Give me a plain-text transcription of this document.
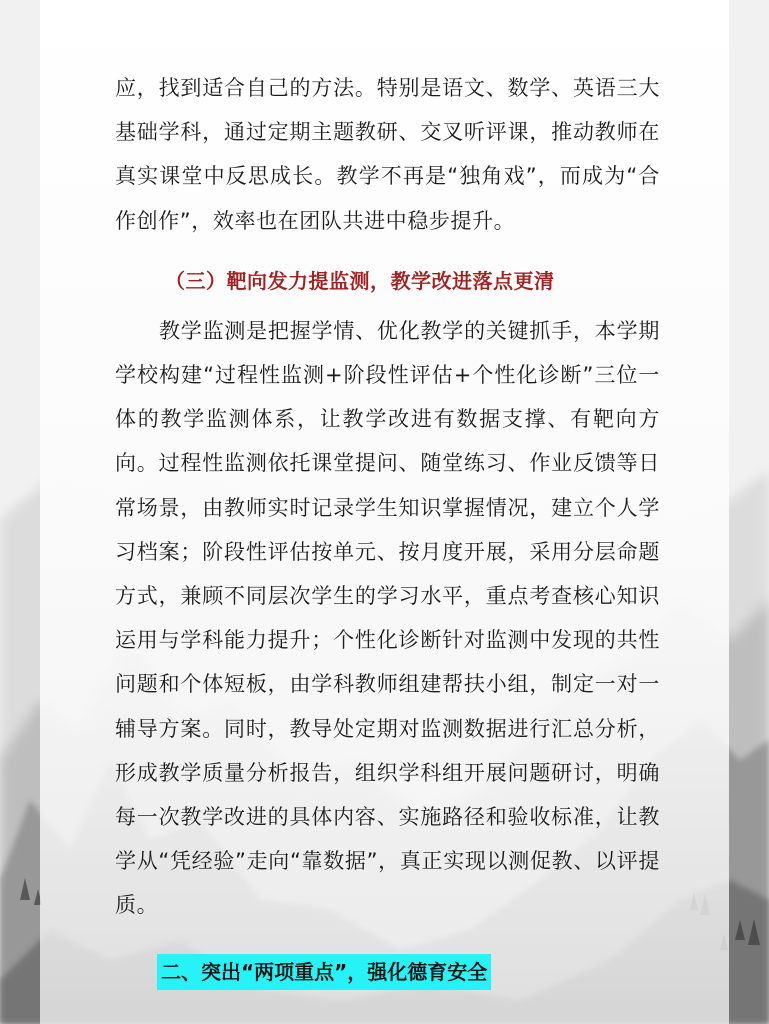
应，找到适合自己的方法。特别是语文、数学、英语三大基础学科，通过定期主题教研、交叉听评课，推动教师在真实课堂中反思成长。教学不再是“独角戏”，而成为“合作创作”，效率也在团队共进中稳步提升。

（三）靶向发力提监测，教学改进落点更清

教学监测是把握学情、优化教学的关键抓手，本学期学校构建“过程性监测+阶段性评估+个性化诊断”三位一体的教学监测体系，让教学改进有数据支撑、有靶向方向。过程性监测依托课堂提问、随堂练习、作业反馈等日常场景，由教师实时记录学生知识掌握情况，建立个人学习档案；阶段性评估按单元、按月度开展，采用分层命题方式，兼顾不同层次学生的学习水平，重点考查核心知识运用与学科能力提升；个性化诊断针对监测中发现的共性问题和个体短板，由学科教师组建帮扶小组，制定一对一辅导方案。同时，教导处定期对监测数据进行汇总分析，形成教学质量分析报告，组织学科组开展问题研讨，明确每一次教学改进的具体内容、实施路径和验收标准，让教学从“凭经验”走向“靠数据”，真正实现以测促教、以评提质。

二、突出“两项重点”，强化德育安全
